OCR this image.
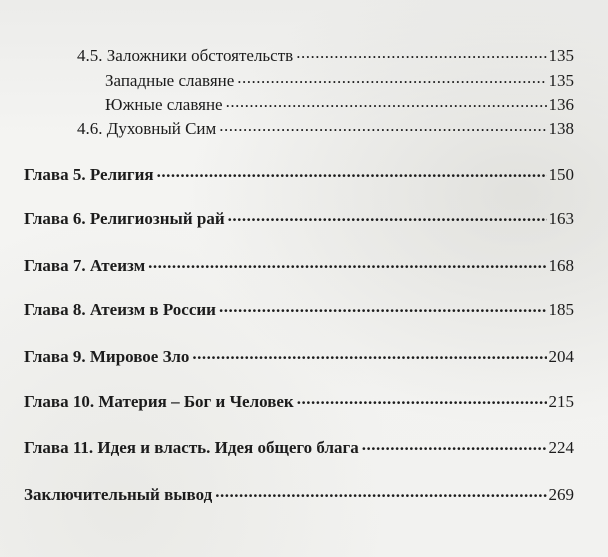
4.5. Заложники обстоятельств .....	135
Западные славяне .....	135
Южные славяне .....	136
4.6. Духовный Сим .....	138
Глава 5. Религия .....	150
Глава 6. Религиозный рай .....	163
Глава 7. Атеизм .....	168
Глава 8. Атеизм в России .....	185
Глава 9. Мировое Зло .....	204
Глава 10. Материя – Бог и Человек .....	215
Глава 11. Идея и власть. Идея общего блага .....	224
Заключительный вывод .....	269
